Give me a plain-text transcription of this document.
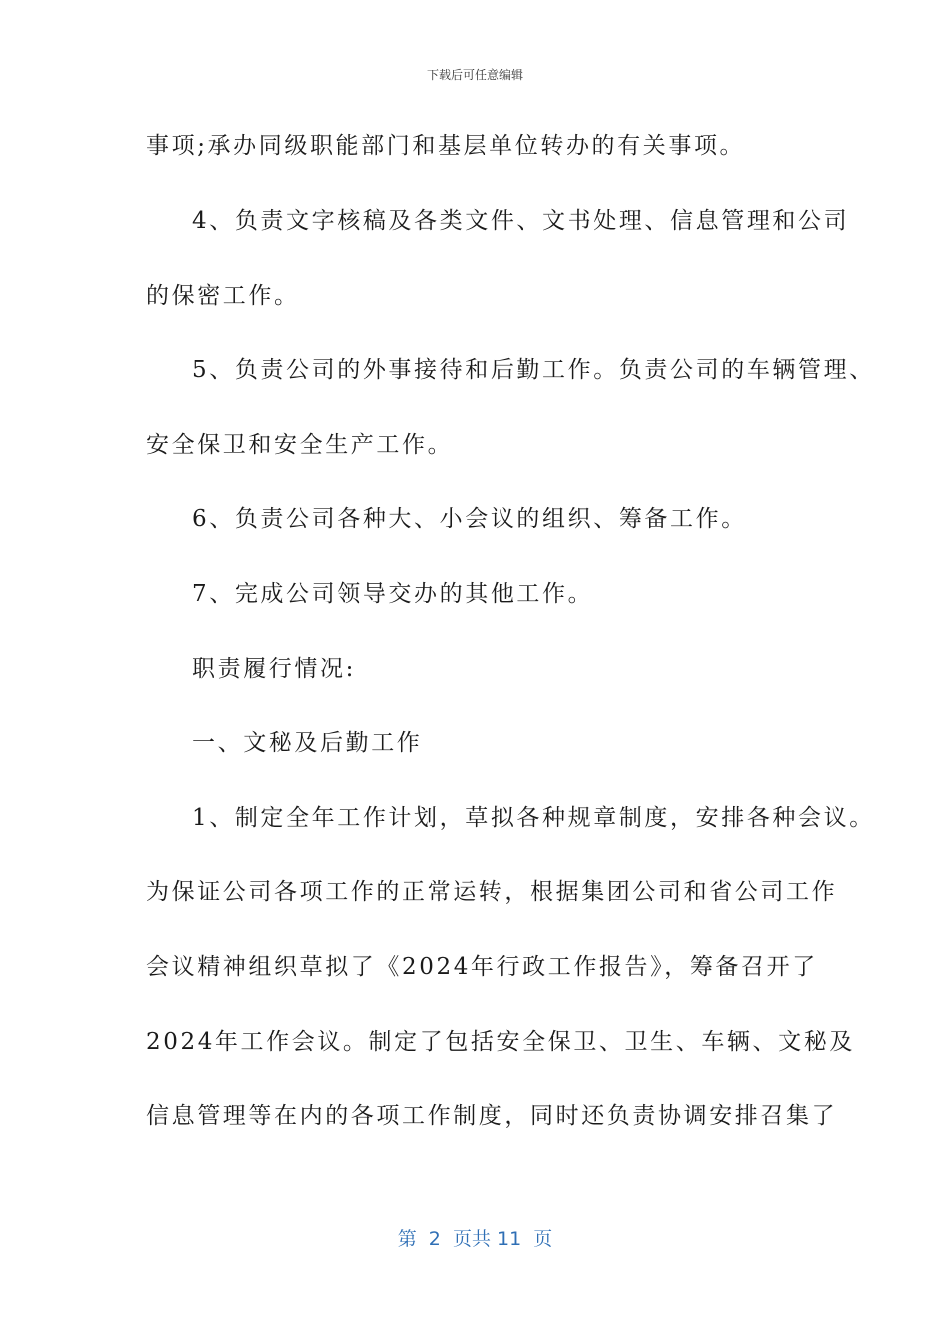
下载后可任意编辑
事项;承办同级职能部门和基层单位转办的有关事项。
4、负责文字核稿及各类文件、文书处理、信息管理和公司
的保密工作。
5、负责公司的外事接待和后勤工作。负责公司的车辆管理、
安全保卫和安全生产工作。
6、负责公司各种大、小会议的组织、筹备工作。
7、完成公司领导交办的其他工作。
职责履行情况:
一、文秘及后勤工作
1、制定全年工作计划，草拟各种规章制度，安排各种会议。
为保证公司各项工作的正常运转，根据集团公司和省公司工作
会议精神组织草拟了《2024年行政工作报告》，筹备召开了
2024年工作会议。制定了包括安全保卫、卫生、车辆、文秘及
信息管理等在内的各项工作制度，同时还负责协调安排召集了
第  2  页共 11  页
